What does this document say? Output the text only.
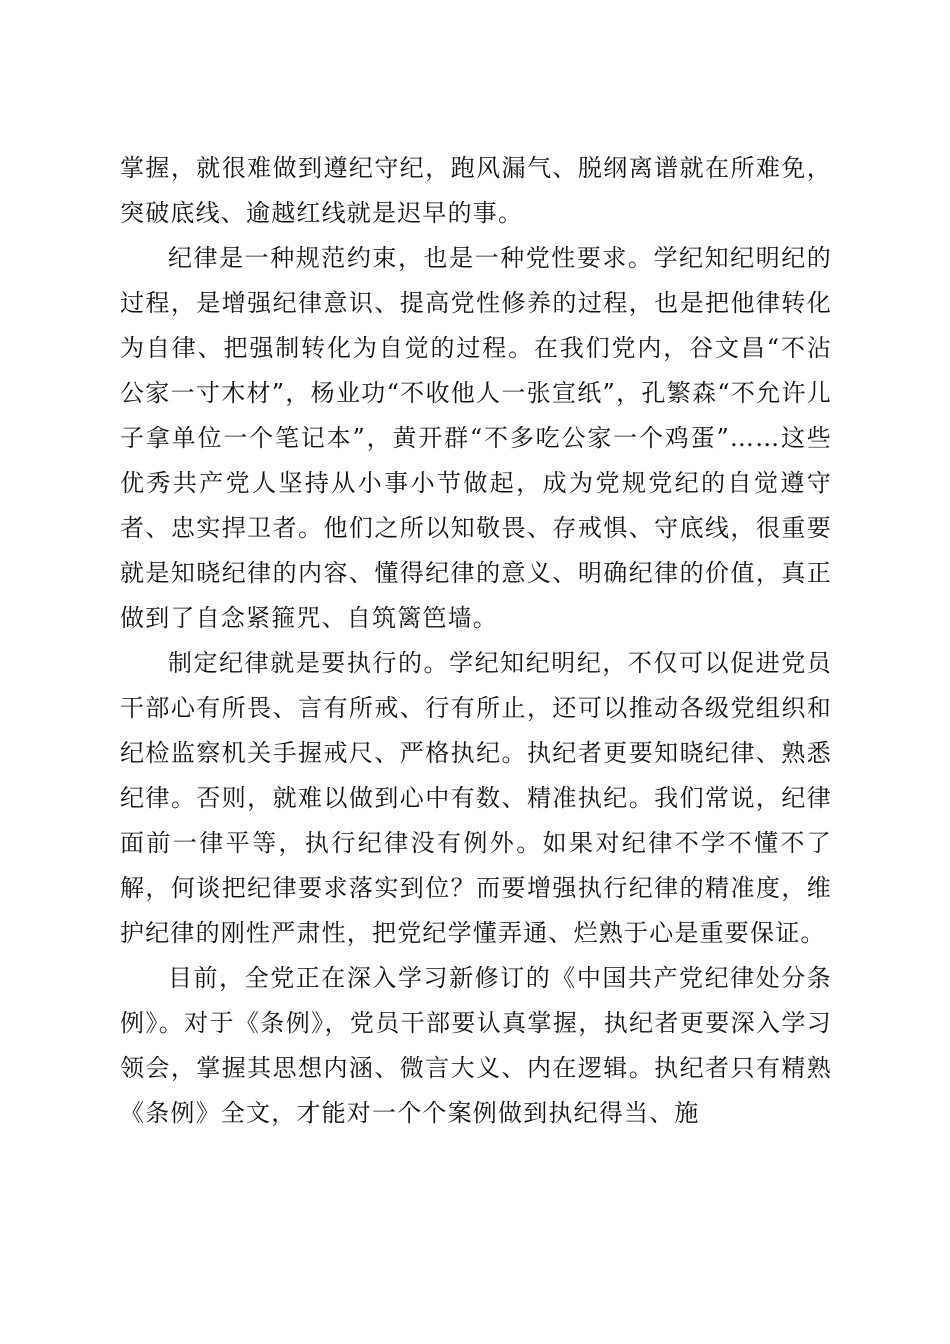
掌握，就很难做到遵纪守纪，跑风漏气、脱纲离谱就在所难免，突破底线、逾越红线就是迟早的事。

纪律是一种规范约束，也是一种党性要求。学纪知纪明纪的过程，是增强纪律意识、提高党性修养的过程，也是把他律转化为自律、把强制转化为自觉的过程。在我们党内，谷文昌“不沾公家一寸木材”，杨业功“不收他人一张宣纸”，孔繁森“不允许儿子拿单位一个笔记本”，黄开群“不多吃公家一个鸡蛋”……这些优秀共产党人坚持从小事小节做起，成为党规党纪的自觉遵守者、忠实捍卫者。他们之所以知敬畏、存戒惧、守底线，很重要就是知晓纪律的内容、懂得纪律的意义、明确纪律的价值，真正做到了自念紧箍咒、自筑篱笆墙。

制定纪律就是要执行的。学纪知纪明纪，不仅可以促进党员干部心有所畏、言有所戒、行有所止，还可以推动各级党组织和纪检监察机关手握戒尺、严格执纪。执纪者更要知晓纪律、熟悉纪律。否则，就难以做到心中有数、精准执纪。我们常说，纪律面前一律平等，执行纪律没有例外。如果对纪律不学不懂不了解，何谈把纪律要求落实到位？而要增强执行纪律的精准度，维护纪律的刚性严肃性，把党纪学懂弄通、烂熟于心是重要保证。

目前，全党正在深入学习新修订的《中国共产党纪律处分条例》。对于《条例》，党员干部要认真掌握，执纪者更要深入学习领会，掌握其思想内涵、微言大义、内在逻辑。执纪者只有精熟《条例》全文，才能对一个个案例做到执纪得当、施
